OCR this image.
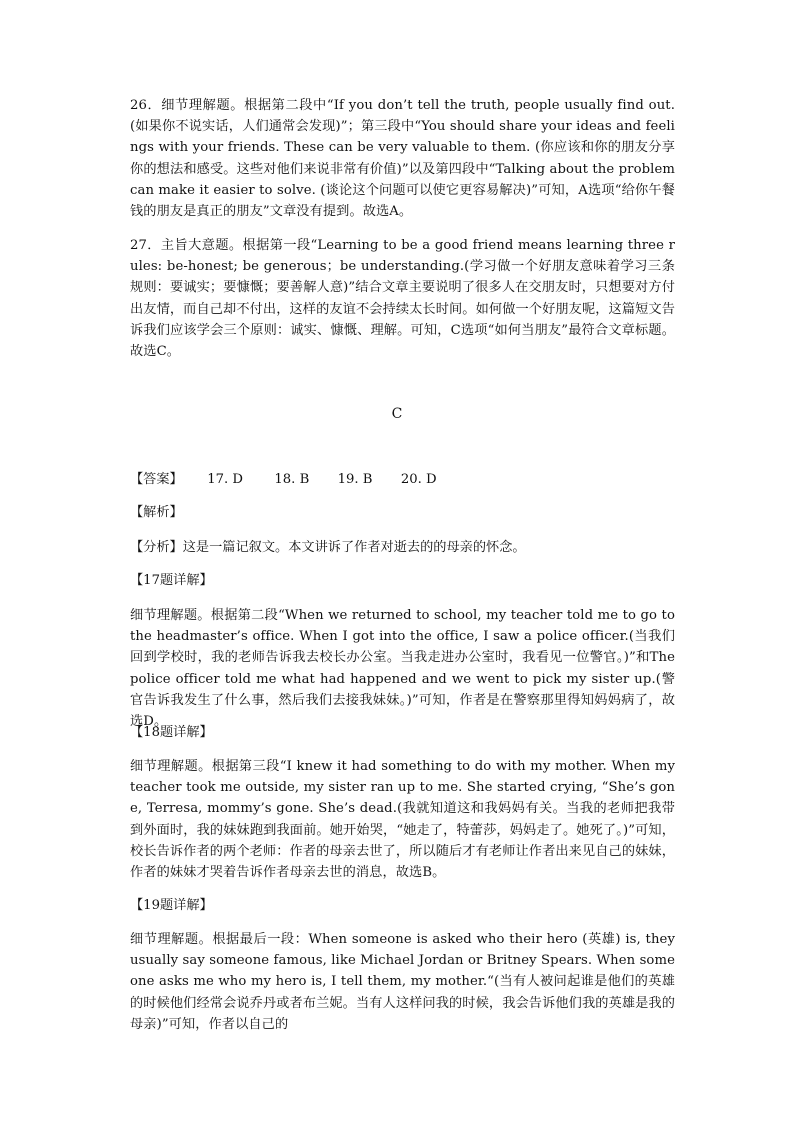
26．细节理解题。根据第二段中“If you don’t tell the truth, people usually find out. (如果你不说实话，人们通常会发现)”；第三段中“You should share your ideas and feelings with your friends. These can be very valuable to them. (你应该和你的朋友分享你的想法和感受。这些对他们来说非常有价值)”以及第四段中“Talking about the problem can make it easier to solve. (谈论这个问题可以使它更容易解决)”可知，A选项“给你午餐钱的朋友是真正的朋友”文章没有提到。故选A。
27．主旨大意题。根据第一段“Learning to be a good friend means learning three rules: be-honest; be generous；be understanding.(学习做一个好朋友意味着学习三条规则：要诚实；要慷慨；要善解人意)”结合文章主要说明了很多人在交朋友时，只想要对方付出友情，而自己却不付出，这样的友谊不会持续太长时间。如何做一个好朋友呢，这篇短文告诉我们应该学会三个原则：诚实、慷慨、理解。可知，C选项“如何当朋友”最符合文章标题。故选C。
C
【答案】 17. D 18. B 19. B 20. D
【解析】
【分析】这是一篇记叙文。本文讲诉了作者对逝去的的母亲的怀念。
【17题详解】
细节理解题。根据第二段“When we returned to school, my teacher told me to go to the headmaster’s office. When I got into the office, I saw a police officer.(当我们回到学校时，我的老师告诉我去校长办公室。当我走进办公室时，我看见一位警官。)”和The police officer told me what had happened and we went to pick my sister up.(警官告诉我发生了什么事，然后我们去接我妹妹。)”可知，作者是在警察那里得知妈妈病了，故选D。
【18题详解】
细节理解题。根据第三段“I knew it had something to do with my mother. When my teacher took me outside, my sister ran up to me. She started crying, “She’s gone, Terresa, mommy’s gone. She’s dead.(我就知道这和我妈妈有关。当我的老师把我带到外面时，我的妹妹跑到我面前。她开始哭，“她走了，特蕾莎，妈妈走了。她死了。)”可知，校长告诉作者的两个老师：作者的母亲去世了，所以随后才有老师让作者出来见自己的妹妹，作者的妹妹才哭着告诉作者母亲去世的消息，故选B。
【19题详解】
细节理解题。根据最后一段：When someone is asked who their hero (英雄) is, they usually say someone famous, like Michael Jordan or Britney Spears. When someone asks me who my hero is, I tell them, my mother.“(当有人被问起谁是他们的英雄的时候他们经常会说乔丹或者布兰妮。当有人这样问我的时候，我会告诉他们我的英雄是我的母亲)”可知，作者以自己的
